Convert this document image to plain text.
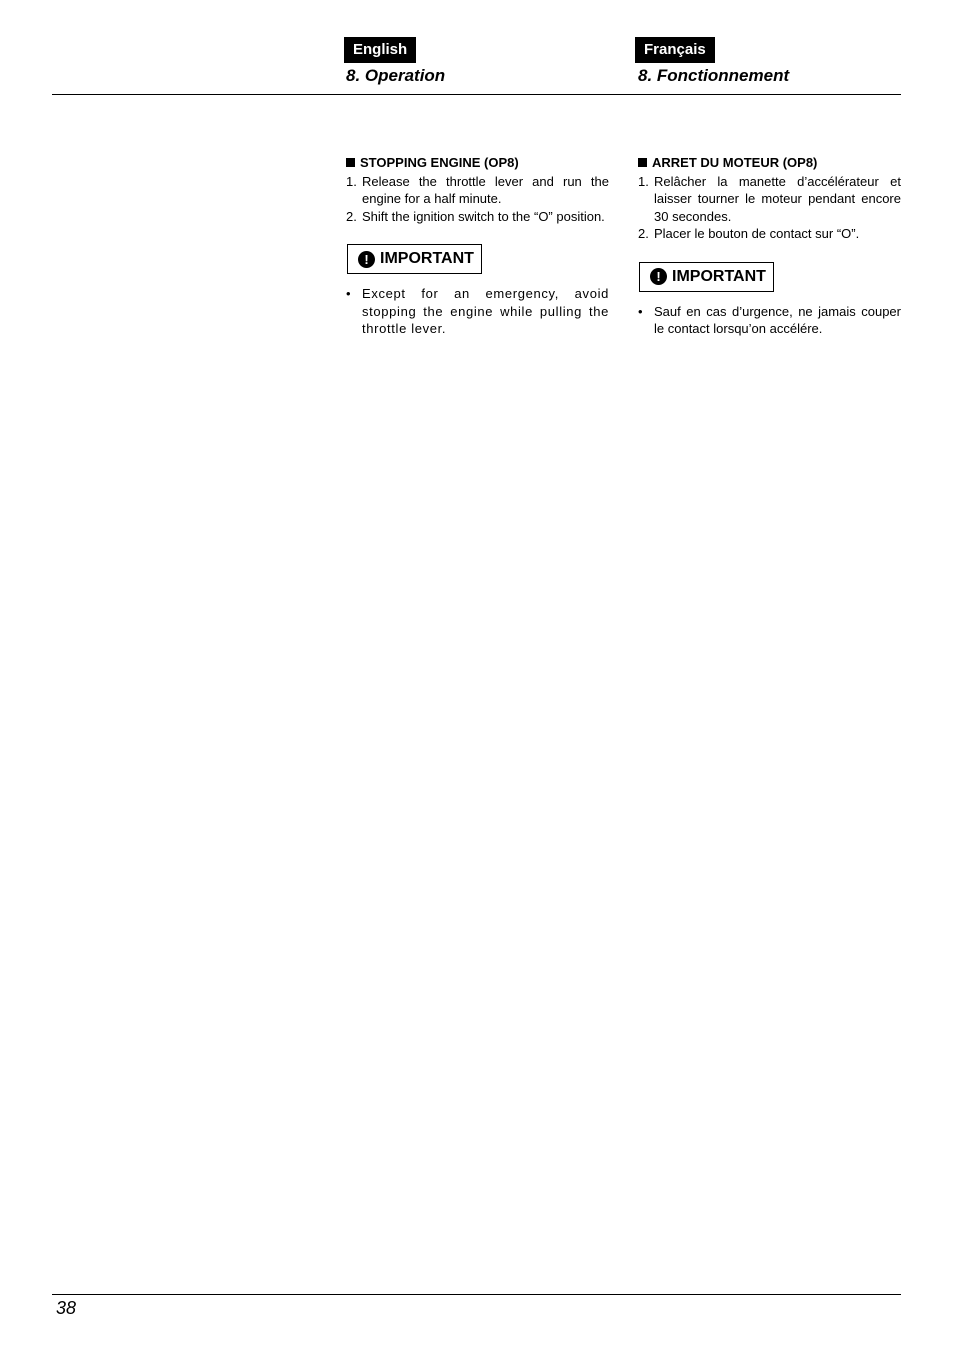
English	Français
8. Operation	8. Fonctionnement
STOPPING ENGINE (OP8)
1. Release the throttle lever and run the engine for a half minute.
2. Shift the ignition switch to the “O” position.
! IMPORTANT
• Except for an emergency, avoid stopping the engine while pulling the throttle lever.
ARRET DU MOTEUR (OP8)
1. Relâcher la manette d’accélérateur et laisser tourner le moteur pendant encore 30 secondes.
2. Placer le bouton de contact sur “O”.
! IMPORTANT
• Sauf en cas d’urgence, ne jamais couper le contact lorsqu’on accélére.
38
